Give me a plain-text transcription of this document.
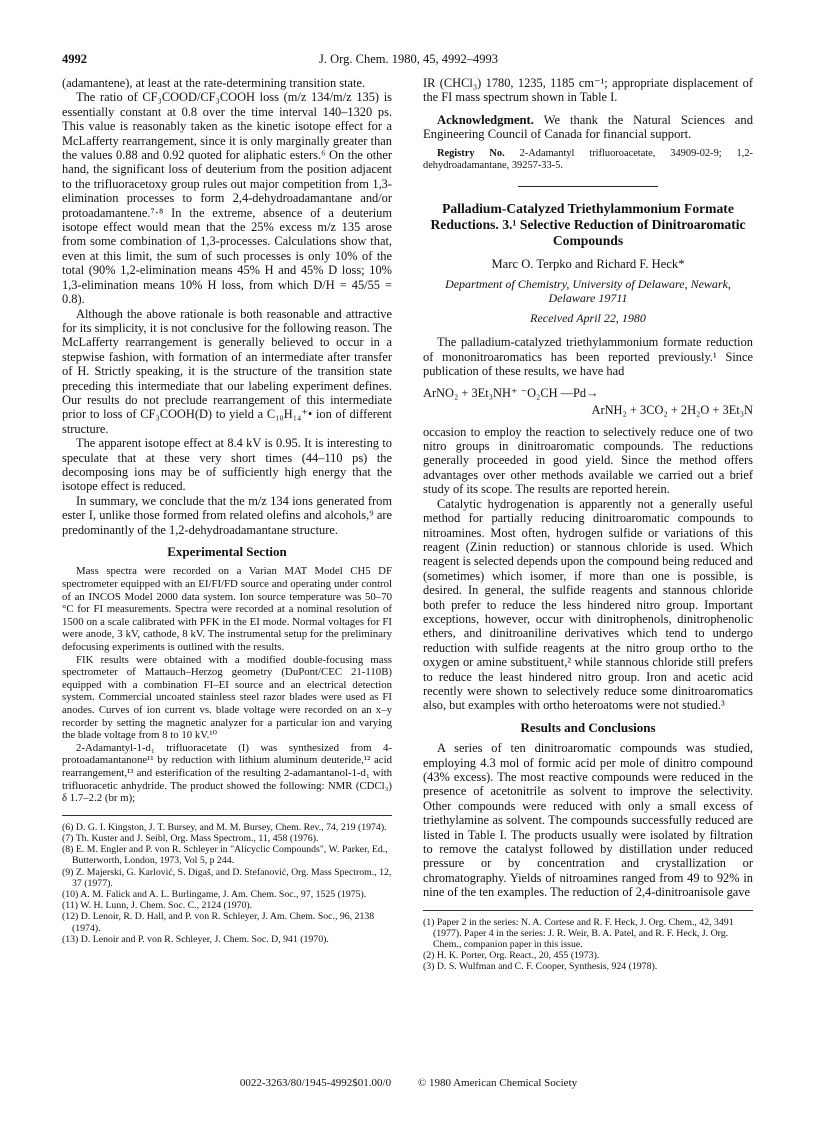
4992	J. Org. Chem. 1980, 45, 4992–4993

(adamantene), at least at the rate-determining transition state.

The ratio of CF₃COOD/CF₃COOH loss (m/z 134/m/z 135) is essentially constant at 0.8 over the time interval 140–1320 ps. This value is reasonably taken as the kinetic isotope effect for a McLafferty rearrangement, since it is only marginally greater than the values 0.88 and 0.92 quoted for aliphatic esters.⁶ On the other hand, the significant loss of deuterium from the position adjacent to the trifluoracetoxy group rules out major competition from 1,3-elimination processes to form 2,4-dehydroadamantane and/or protoadamantene.⁷⋅⁸ In the extreme, absence of a deuterium isotope effect would mean that the 25% excess m/z 135 arose from some combination of 1,3-processes. Calculations show that, even at this limit, the sum of such processes is only 10% of the total (90% 1,2-elimination means 45% H and 45% D loss; 10% 1,3-elimination means 10% H loss, from which D/H = 45/55 = 0.8).

Although the above rationale is both reasonable and attractive for its simplicity, it is not conclusive for the following reason. The McLafferty rearrangement is generally believed to occur in a stepwise fashion, with formation of an intermediate after transfer of H. Strictly speaking, it is the structure of the transition state preceding this intermediate that our labeling experiment defines. Our results do not preclude rearrangement of this intermediate prior to loss of CF₃COOH(D) to yield a C₁₀H₁₄⁺• ion of different structure.

The apparent isotope effect at 8.4 kV is 0.95. It is interesting to speculate that at these very short times (44–110 ps) the decomposing ions may be of sufficiently high energy that the isotope effect is reduced.

In summary, we conclude that the m/z 134 ions generated from ester I, unlike those formed from related olefins and alcohols,⁹ are predominantly of the 1,2-dehydroadamantane structure.

Experimental Section

Mass spectra were recorded on a Varian MAT Model CH5 DF spectrometer equipped with an EI/FI/FD source and operating under control of an INCOS Model 2000 data system. Ion source temperature was 50–70 °C for FI measurements. Spectra were recorded at a nominal resolution of 1500 on a scale calibrated with PFK in the EI mode. Normal voltages for FI were anode, 3 kV, cathode, 8 kV. The instrumental setup for the preliminary defocusing experiments is outlined with the results.

FIK results were obtained with a modified double-focusing mass spectrometer of Mattauch–Herzog geometry (DuPont/CEC 21-110B) equipped with a combination FI–EI source and an electrical detection system. Commercial uncoated stainless steel razor blades were used as FI anodes. Curves of ion current vs. blade voltage were recorded on an x–y recorder by setting the magnetic analyzer for a particular ion and varying the blade voltage from 8 to 10 kV.¹⁰

2-Adamantyl-1-d₁ trifluoracetate (I) was synthesized from 4-protoadamantanone¹¹ by reduction with lithium aluminum deuteride,¹² acid rearrangement,¹³ and esterification of the resulting 2-adamantanol-1-d₁ with trifluoracetic anhydride. The product showed the following: NMR (CDCl₃) δ 1.7–2.2 (br m);

(6) D. G. I. Kingston, J. T. Bursey, and M. M. Bursey, Chem. Rev., 74, 219 (1974).
(7) Th. Kuster and J. Seibl, Org. Mass Spectrom., 11, 458 (1976).
(8) E. M. Engler and P. von R. Schleyer in "Alicyclic Compounds", W. Parker, Ed., Butterworth, London, 1973, Vol 5, p 244.
(9) Z. Majerski, G. Karlović, S. Digaš, and D. Stefanović, Org. Mass Spectrom., 12, 37 (1977).
(10) A. M. Falick and A. L. Burlingame, J. Am. Chem. Soc., 97, 1525 (1975).
(11) W. H. Lunn, J. Chem. Soc. C., 2124 (1970).
(12) D. Lenoir, R. D. Hall, and P. von R. Schleyer, J. Am. Chem. Soc., 96, 2138 (1974).
(13) D. Lenoir and P. von R. Schleyer, J. Chem. Soc. D, 941 (1970).

IR (CHCl₃) 1780, 1235, 1185 cm⁻¹; appropriate displacement of the FI mass spectrum shown in Table I.

Acknowledgment. We thank the Natural Sciences and Engineering Council of Canada for financial support.

Registry No. 2-Adamantyl trifluoroacetate, 34909-02-9; 1,2-dehydroadamantane, 39257-33-5.

Palladium-Catalyzed Triethylammonium Formate Reductions. 3.¹ Selective Reduction of Dinitroaromatic Compounds
Marc O. Terpko and Richard F. Heck*
Department of Chemistry, University of Delaware, Newark, Delaware 19711
Received April 22, 1980

The palladium-catalyzed triethylammonium formate reduction of mononitroaromatics has been reported previously.¹ Since publication of these results, we have had

ArNO₂ + 3Et₃NH⁺ ⁻O₂CH —Pd→
ArNH₂ + 3CO₂ + 2H₂O + 3Et₃N

occasion to employ the reaction to selectively reduce one of two nitro groups in dinitroaromatic compounds. The reductions generally proceeded in good yield. Since the method offers advantages over other methods available we carried out a brief study of its scope. The results are reported herein.

Catalytic hydrogenation is apparently not a generally useful method for partially reducing dinitroaromatic compounds to nitroamines. Most often, hydrogen sulfide or variations of this reagent (Zinin reduction) or stannous chloride is used. Which reagent is selected depends upon the compound being reduced and (sometimes) which isomer, if more than one is possible, is desired. In general, the sulfide reagents and stannous chloride both prefer to reduce the less hindered nitro group. Important exceptions, however, occur with dinitrophenols, dinitrophenolic ethers, and dinitroaniline derivatives which tend to undergo reduction with sulfide reagents at the nitro group ortho to the oxygen or amine substituent,² while stannous chloride still prefers to reduce the least hindered nitro group. Iron and acetic acid recently were shown to selectively reduce some dinitroaromatics also, but examples with ortho heteroatoms were not studied.³

Results and Conclusions

A series of ten dinitroaromatic compounds was studied, employing 4.3 mol of formic acid per mole of dinitro compound (43% excess). The most reactive compounds were reduced in the presence of acetonitrile as solvent to improve the selectivity. Other compounds were reduced with only a small excess of triethylamine as solvent. The compounds successfully reduced are listed in Table I. The products usually were isolated by filtration to remove the catalyst followed by distillation under reduced pressure or by concentration and crystallization or chromatography. Yields of nitroamines ranged from 49 to 92% in nine of the ten examples. The reduction of 2,4-dinitroanisole gave

(1) Paper 2 in the series: N. A. Cortese and R. F. Heck, J. Org. Chem., 42, 3491 (1977). Paper 4 in the series: J. R. Weir, B. A. Patel, and R. F. Heck, J. Org. Chem., companion paper in this issue.
(2) H. K. Porter, Org. React., 20, 455 (1973).
(3) D. S. Wulfman and C. F. Cooper, Synthesis, 924 (1978).
0022-3263/80/1945-4992$01.00/0 © 1980 American Chemical Society
